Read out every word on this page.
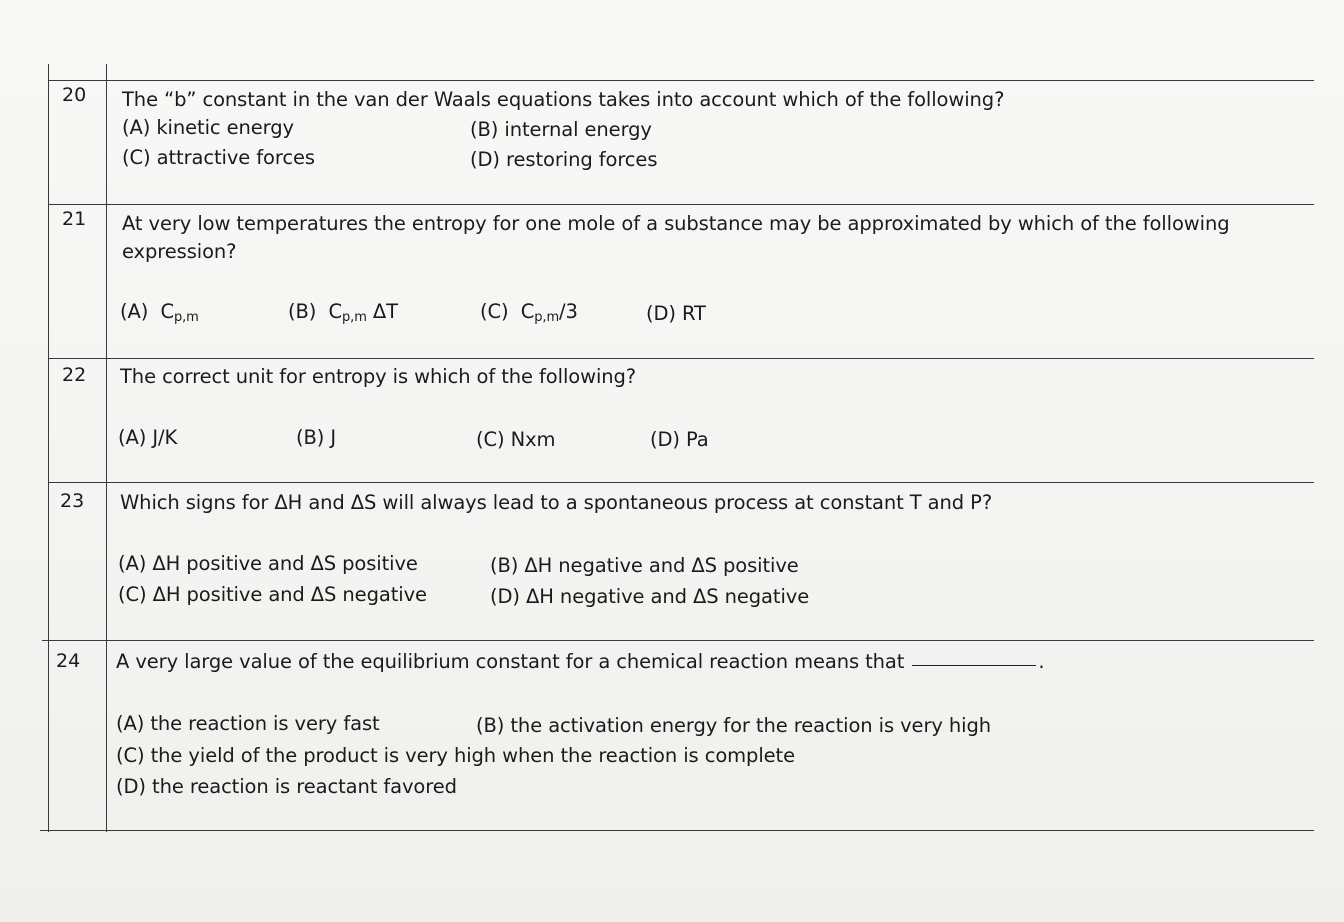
20 The “b” constant in the van der Waals equations takes into account which of the following?
(A) kinetic energy	(B) internal energy
(C) attractive forces	(D) restoring forces
21 At very low temperatures the entropy for one mole of a substance may be approximated by which of the following
expression?
(A) $C_{p,m}$	(B) $C_{p,m}$ ΔT	(C) $C_{p,m}/3$	(D) RT
22 The correct unit for entropy is which of the following?
(A) J/K	(B) J	(C) Nxm	(D) Pa
23 Which signs for ΔH and ΔS will always lead to a spontaneous process at constant T and P?
(A) ΔH positive and ΔS positive	(B) ΔH negative and ΔS positive
(C) ΔH positive and ΔS negative	(D) ΔH negative and ΔS negative
24 A very large value of the equilibrium constant for a chemical reaction means that	.
(A) the reaction is very fast	(B) the activation energy for the reaction is very high
(C) the yield of the product is very high when the reaction is complete
(D) the reaction is reactant favored
